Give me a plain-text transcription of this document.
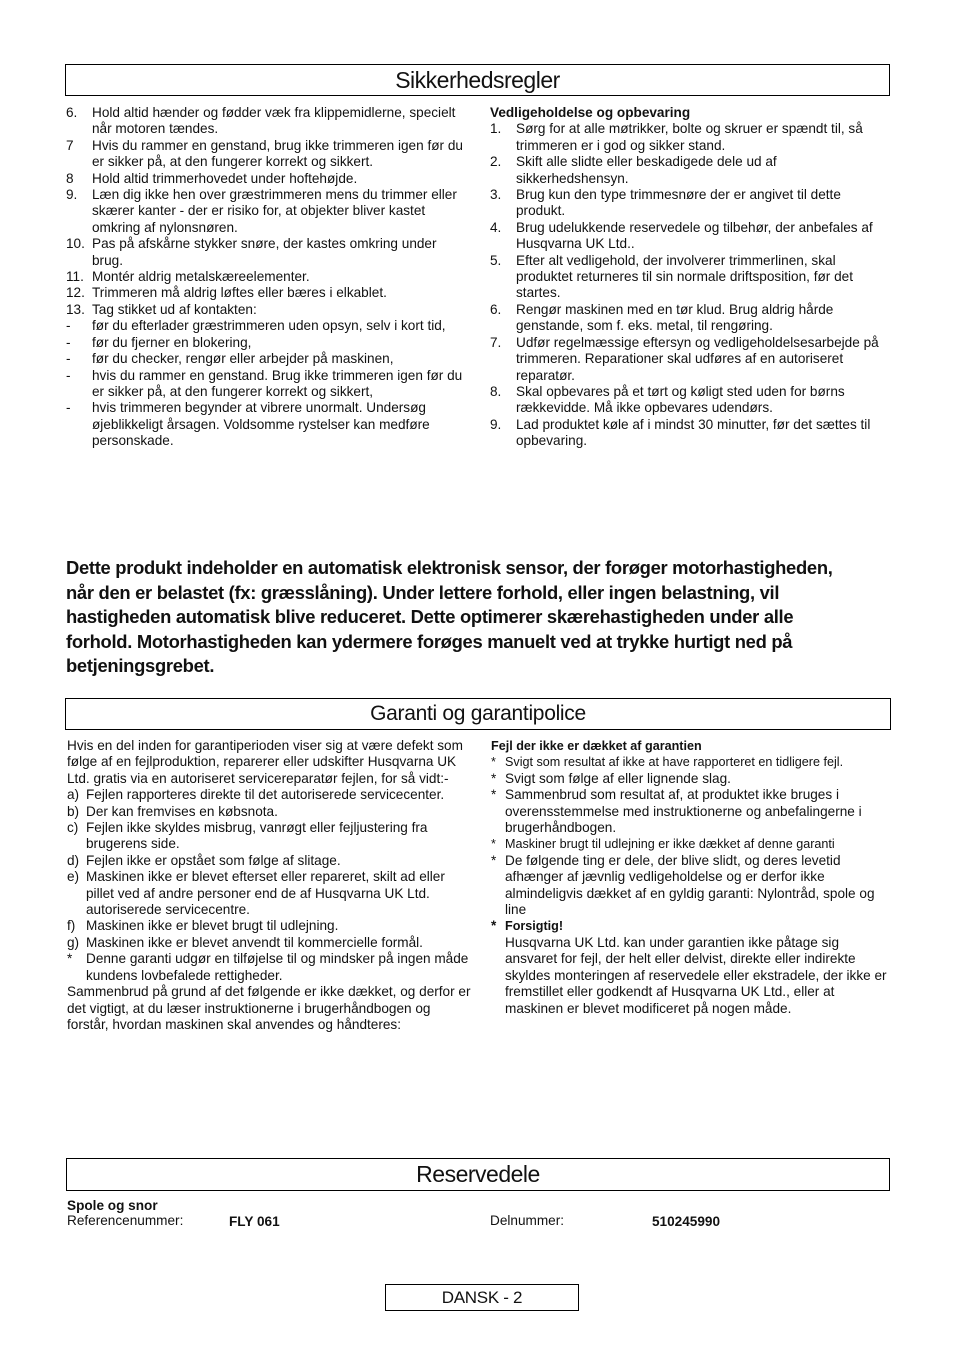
Sikkerhedsregler
6. Hold altid hænder og fødder væk fra klippemidlerne, specielt når motoren tændes.
7 Hvis du rammer en genstand, brug ikke trimmeren igen før du er sikker på, at den fungerer korrekt og sikkert.
8 Hold altid trimmerhovedet under hoftehøjde.
9. Læn dig ikke hen over græstrimmeren mens du trimmer eller skærer kanter - der er risiko for, at objekter bliver kastet omkring af nylonsnøren.
10. Pas på afskårne stykker snøre, der kastes omkring under brug.
11. Montér aldrig metalskæreelementer.
12. Trimmeren må aldrig løftes eller bæres i elkablet.
13. Tag stikket ud af kontakten:
- før du efterlader græstrimmeren uden opsyn, selv i kort tid,
- før du fjerner en blokering,
- før du checker, rengør eller arbejder på maskinen,
- hvis du rammer en genstand. Brug ikke trimmeren igen før du er sikker på, at den fungerer korrekt og sikkert,
- hvis trimmeren begynder at vibrere unormalt. Undersøg øjeblikkeligt årsagen. Voldsomme rystelser kan medføre personskade.
Vedligeholdelse og opbevaring
1. Sørg for at alle møtrikker, bolte og skruer er spændt til, så trimmeren er i god og sikker stand.
2. Skift alle slidte eller beskadigede dele ud af sikkerhedshensyn.
3. Brug kun den type trimmesnøre der er angivet til dette produkt.
4. Brug udelukkende reservedele og tilbehør, der anbefales af Husqvarna UK Ltd..
5. Efter alt vedligehold, der involverer trimmerlinen, skal produktet returneres til sin normale driftsposition, før det startes.
6. Rengør maskinen med en tør klud. Brug aldrig hårde genstande, som f. eks. metal, til rengøring.
7. Udfør regelmæssige eftersyn og vedligeholdelsesarbejde på trimmeren. Reparationer skal udføres af en autoriseret reparatør.
8. Skal opbevares på et tørt og køligt sted uden for børns rækkevidde. Må ikke opbevares udendørs.
9. Lad produktet køle af i mindst 30 minutter, før det sættes til opbevaring.
Dette produkt indeholder en automatisk elektronisk sensor, der forøger motorhastigheden,
når den er belastet (fx: græsslåning). Under lettere forhold, eller ingen belastning, vil
hastigheden automatisk blive reduceret. Dette optimerer skærehastigheden under alle
forhold. Motorhastigheden kan ydermere forøges manuelt ved at trykke hurtigt ned på
betjeningsgrebet.
Garanti og garantipolice
Hvis en del inden for garantiperioden viser sig at være defekt som følge af en fejlproduktion, reparerer eller udskifter Husqvarna UK Ltd. gratis via en autoriseret servicereparatør fejlen, for så vidt:-
a) Fejlen rapporteres direkte til det autoriserede servicecenter.
b) Der kan fremvises en købsnota.
c) Fejlen ikke skyldes misbrug, vanrøgt eller fejljustering fra brugerens side.
d) Fejlen ikke er opstået som følge af slitage.
e) Maskinen ikke er blevet efterset eller repareret, skilt ad eller pillet ved af andre personer end de af Husqvarna UK Ltd. autoriserede servicecentre.
f) Maskinen ikke er blevet brugt til udlejning.
g) Maskinen ikke er blevet anvendt til kommercielle formål.
* Denne garanti udgør en tilføjelse til og mindsker på ingen måde kundens lovbefalede rettigheder.
Sammenbrud på grund af det følgende er ikke dækket, og derfor er det vigtigt, at du læser instruktionerne i brugerhåndbogen og forstår, hvordan maskinen skal anvendes og håndteres:
Fejl der ikke er dækket af garantien
* Svigt som resultat af ikke at have rapporteret en tidligere fejl.
* Svigt som følge af eller lignende slag.
* Sammenbrud som resultat af, at produktet ikke bruges i overensstemmelse med instruktionerne og anbefalingerne i brugerhåndbogen.
* Maskiner brugt til udlejning er ikke dækket af denne garanti
* De følgende ting er dele, der blive slidt, og deres levetid afhænger af jævnlig vedligeholdelse og er derfor ikke almindeligvis dækket af en gyldig garanti: Nylontråd, spole og line
* Forsigtig!
Husqvarna UK Ltd. kan under garantien ikke påtage sig ansvaret for fejl, der helt eller delvist, direkte eller indirekte skyldes monteringen af reservedele eller ekstradele, der ikke er fremstillet eller godkendt af Husqvarna UK Ltd., eller at maskinen er blevet modificeret på nogen måde.
Reservedele
Spole og snor
Referencenummer:	FLY 061	Delnummer:	510245990
DANSK - 2
